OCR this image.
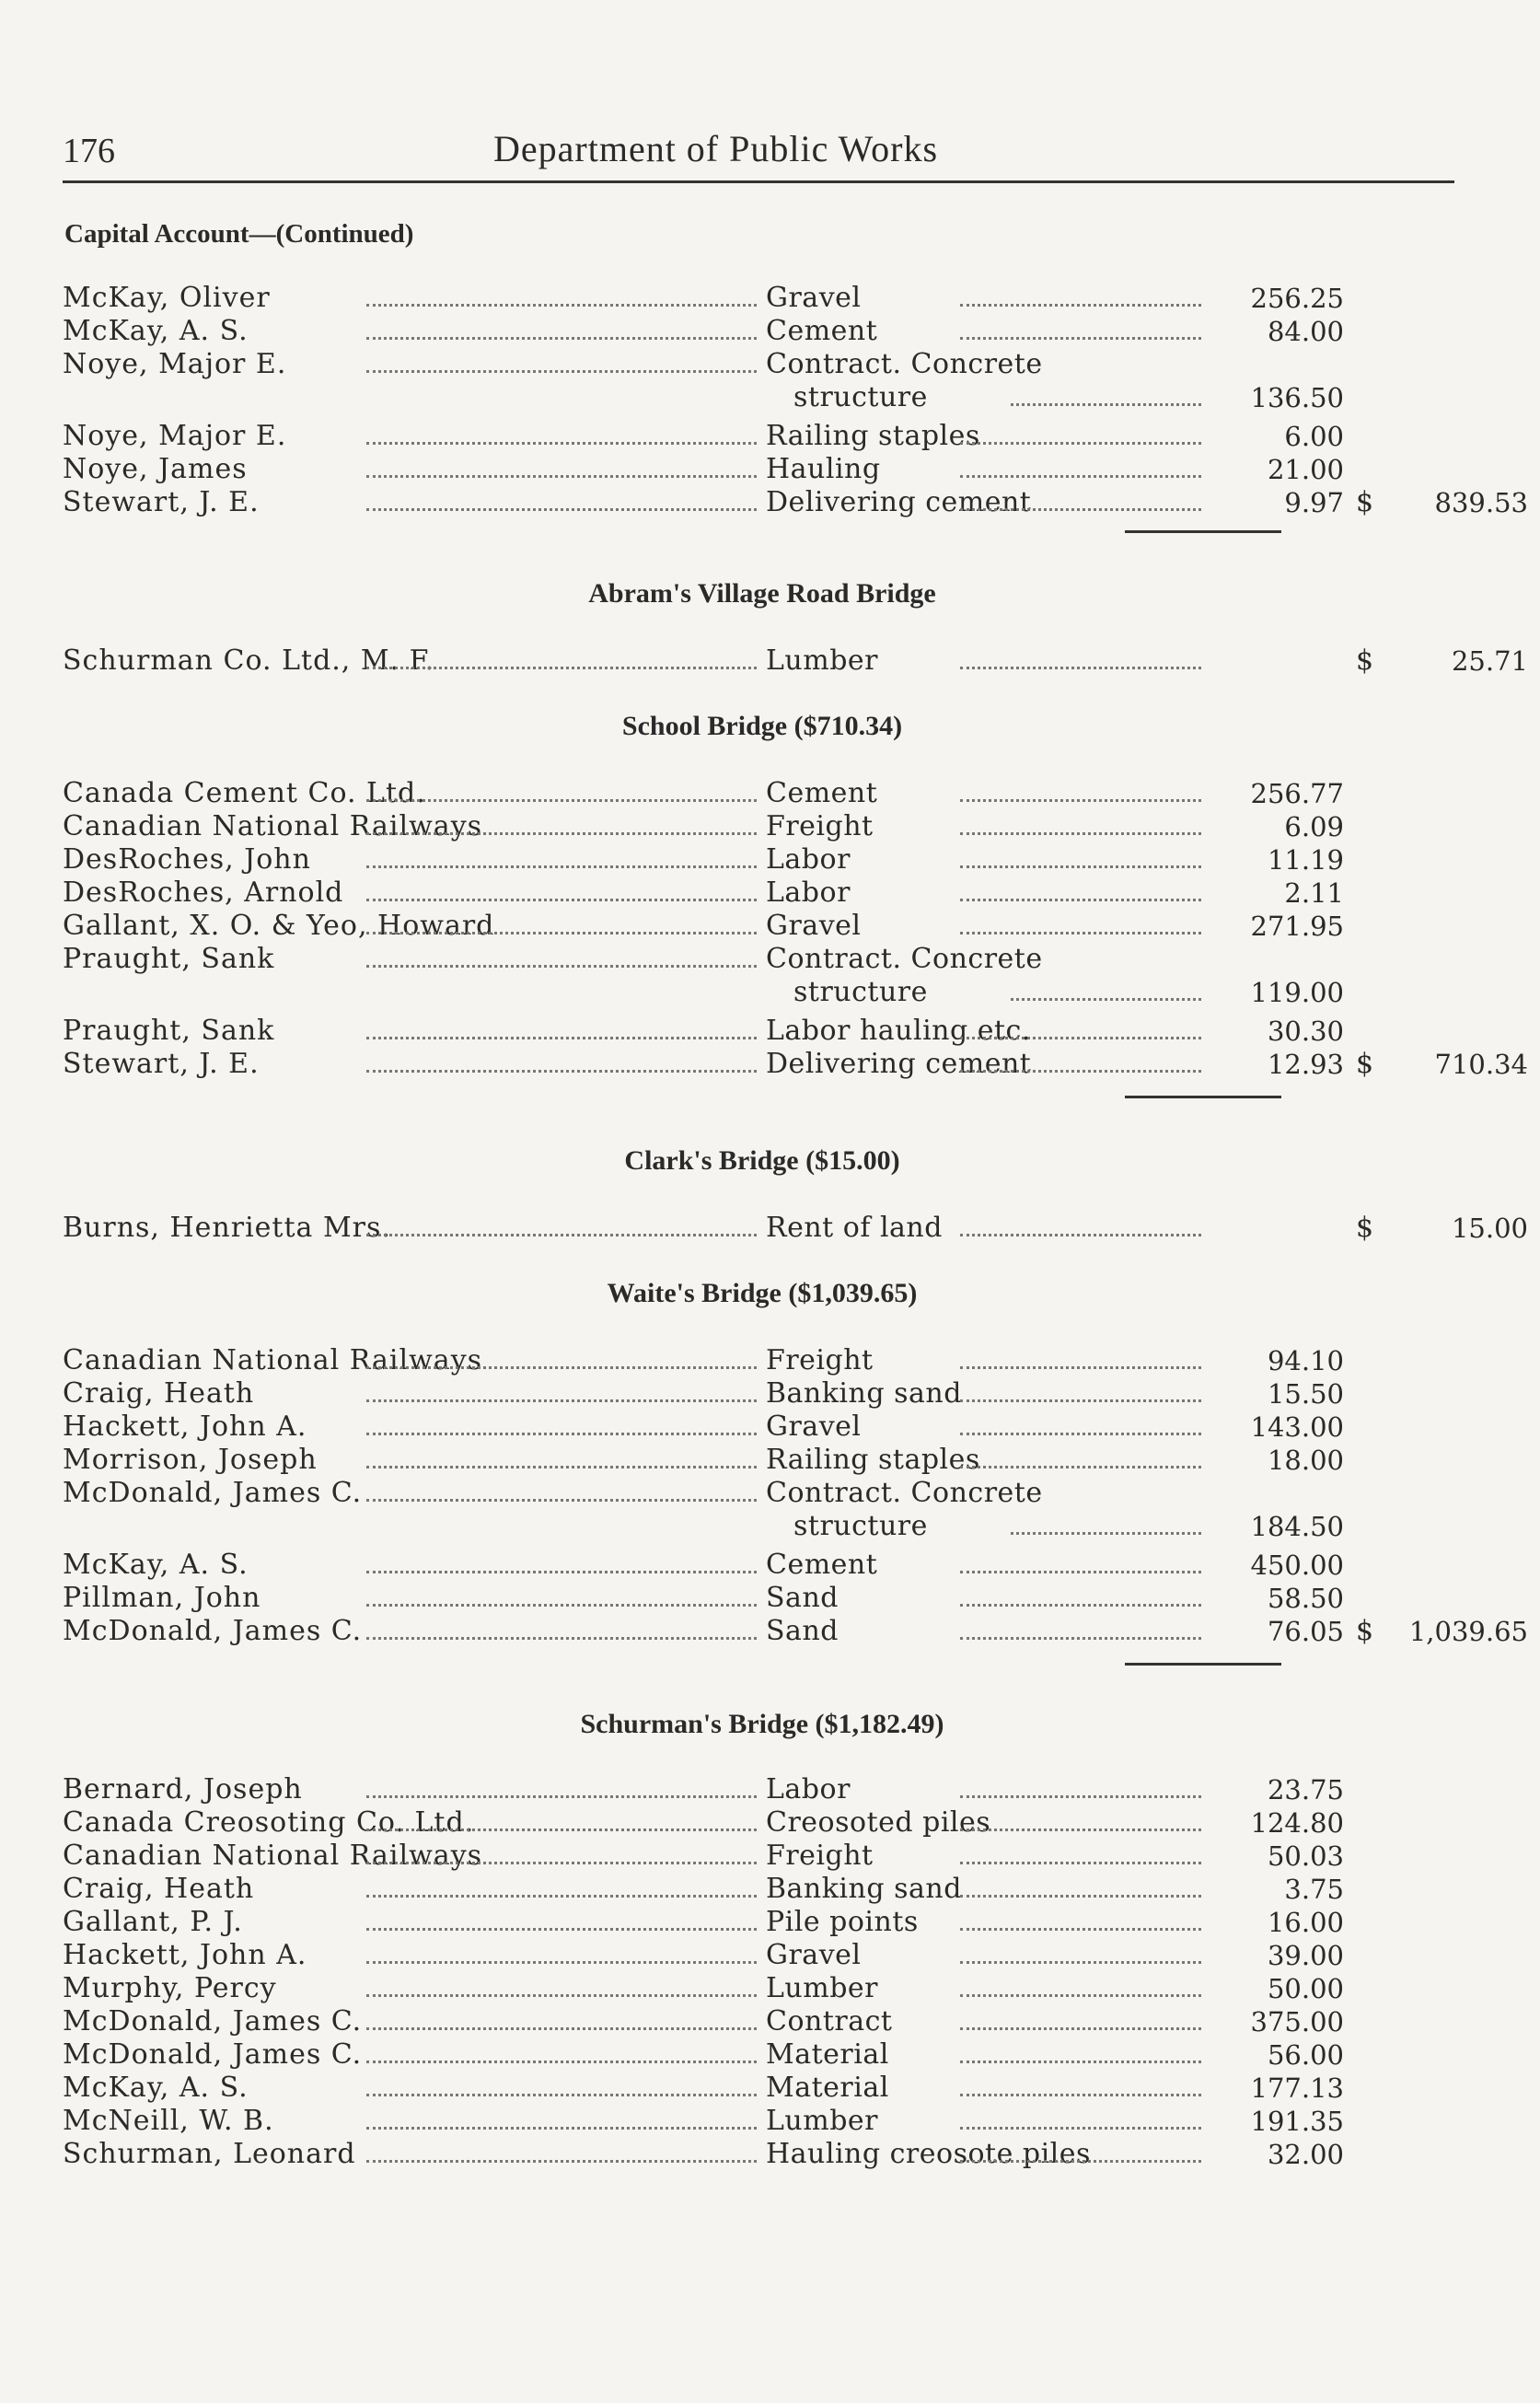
176	Department of Public Works
Capital Account—(Continued)
McKay, Oliver	Gravel	256.25
McKay, A. S.	Cement	84.00
Noye, Major E.	Contract. Concrete
structure	136.50
Noye, Major E.	Railing staples	6.00
Noye, James	Hauling	21.00
Stewart, J. E.	Delivering cement	9.97 $	839.53
Abram's Village Road Bridge
Schurman Co. Ltd., M. F.	Lumber	$	25.71
School Bridge ($710.34)
Canada Cement Co. Ltd.	Cement	256.77
Canadian National Railways	Freight	6.09
DesRoches, John	Labor	11.19
DesRoches, Arnold	Labor	2.11
Gallant, X. O. & Yeo, Howard	Gravel	271.95
Praught, Sank	Contract. Concrete
structure	119.00
Praught, Sank	Labor hauling etc.	30.30
Stewart, J. E.	Delivering cement	12.93 $	710.34
Clark's Bridge ($15.00)
Burns, Henrietta Mrs.	Rent of land	$	15.00
Waite's Bridge ($1,039.65)
Canadian National Railways	Freight	94.10
Craig, Heath	Banking sand	15.50
Hackett, John A.	Gravel	143.00
Morrison, Joseph	Railing staples	18.00
McDonald, James C.	Contract. Concrete
structure	184.50
McKay, A. S.	Cement	450.00
Pillman, John	Sand	58.50
McDonald, James C.	Sand	76.05 $	1,039.65
Schurman's Bridge ($1,182.49)
Bernard, Joseph	Labor	23.75
Canada Creosoting Co. Ltd.	Creosoted piles	124.80
Canadian National Railways	Freight	50.03
Craig, Heath	Banking sand	3.75
Gallant, P. J.	Pile points	16.00
Hackett, John A.	Gravel	39.00
Murphy, Percy	Lumber	50.00
McDonald, James C.	Contract	375.00
McDonald, James C.	Material	56.00
McKay, A. S.	Material	177.13
McNeill, W. B.	Lumber	191.35
Schurman, Leonard	Hauling creosote piles	32.00
